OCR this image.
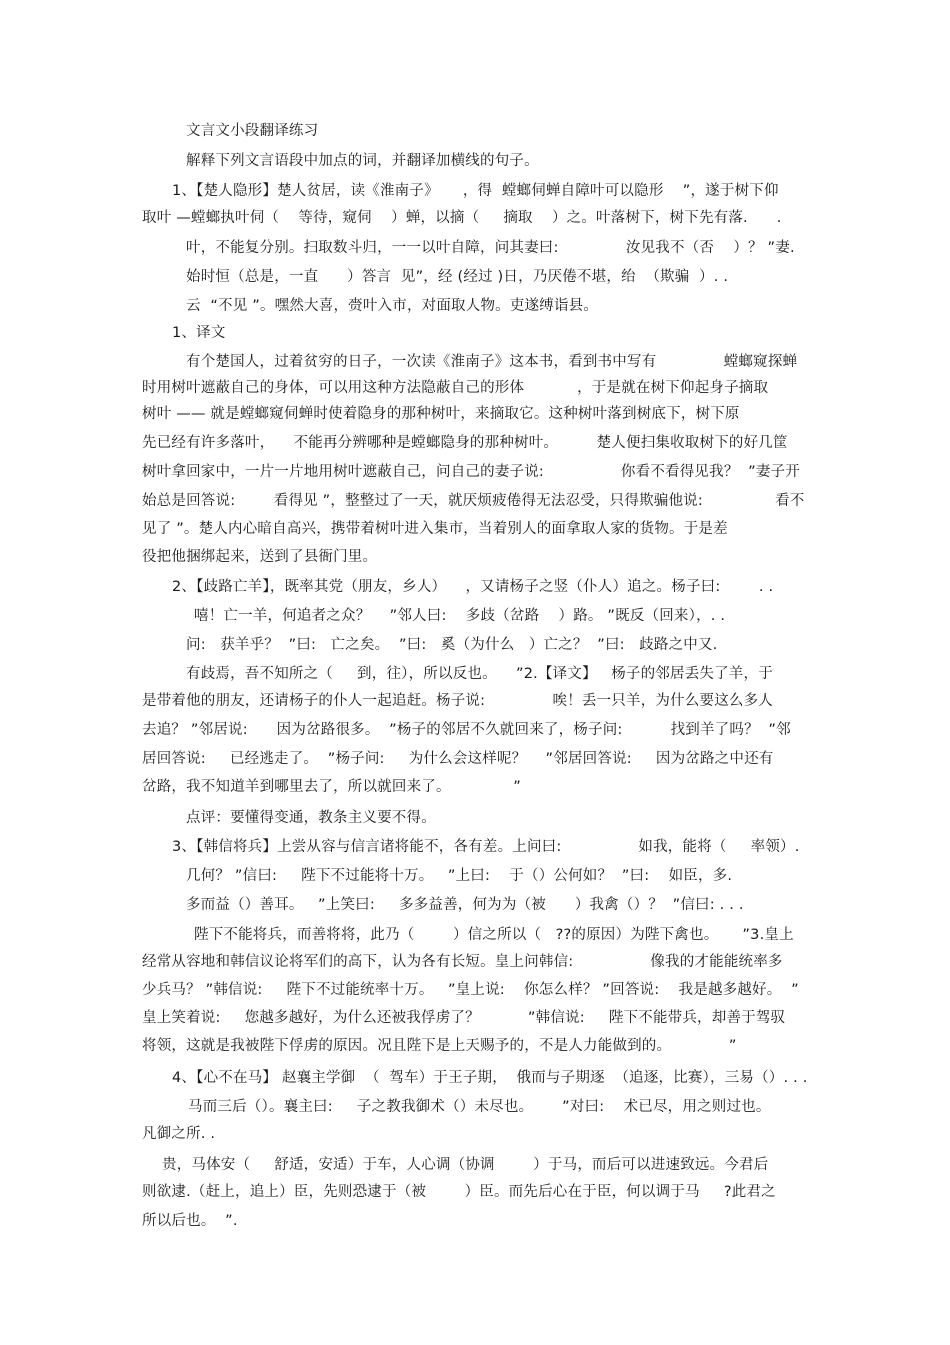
文言文小段翻译练习
解释下列文言语段中加点的词，并翻译加横线的句子。
1、【楚人隐形】楚人贫居，读《淮南子》     ，得  螳螂伺蝉自障叶可以隐形    ”，遂于树下仰
取叶 —螳螂执叶伺（    等待，窥伺    ）蝉，以摘（     摘取    ）之。叶落树下，树下先有落.      .
叶，不能复分别。扫取数斗归，一一以叶自障，问其妻曰:              汝见我不（否    ）？ ”妻.
始时恒（总是，一直      ）答言  见”，经 (经过 )日，乃厌倦不堪，绐  （欺骗  ）. .
云  “不见 ”。嘿然大喜，赍叶入市，对面取人物。吏遂缚诣县。
1、译文
有个楚国人，过着贫穷的日子，一次读《淮南子》这本书，看到书中写有              螳螂窥探蝉
时用树叶遮蔽自己的身体，可以用这种方法隐蔽自己的形体           ，于是就在树下仰起身子摘取
树叶 —— 就是螳螂窥伺蝉时使着隐身的那种树叶，来摘取它。这种树叶落到树底下，树下原
先已经有许多落叶，    不能再分辨哪种是螳螂隐身的那种树叶。        楚人便扫集收取树下的好几筐
树叶拿回家中，一片一片地用树叶遮蔽自己，问自己的妻子说:                你看不看得见我？  ”妻子开
始总是回答说:        看得见 ”，整整过了一天，就厌烦疲倦得无法忍受，只得欺骗他说:               看不
见了 ”。楚人内心暗自高兴，携带着树叶进入集市，当着别人的面拿取人家的货物。于是差
役把他捆绑起来，送到了县衙门里。
2、【歧路亡羊】，既率其党（朋友，乡人）    ，又请杨子之竖（仆人）追之。杨子曰:        . .
嘻！亡一羊，何追者之众？    ”邻人曰:    多歧（岔路    ）路。 ”既反（回来），. .
问:   获羊乎？  ”曰:   亡之矣。  ”曰:   奚（为什么   ）亡之？  ”曰:   歧路之中又.
有歧焉，吾不知所之（     到，往），所以反也。    ”2.【译文】   杨子的邻居丢失了羊，于
是带着他的朋友，还请杨子的仆人一起追赶。杨子说:              唉！丢一只羊，为什么要这么多人
去追？ ”邻居说:      因为岔路很多。  ”杨子的邻居不久就回来了，杨子问:          找到羊了吗？  ”邻
居回答说:     已经逃走了。  ”杨子问:     为什么会这样呢？    ”邻居回答说:     因为岔路之中还有
岔路，我不知道羊到哪里去了，所以就回来了。             ”
点评：要懂得变通，教条主义要不得。
3、【韩信将兵】上尝从容与信言诸将能不，各有差。上问曰:                如我，能将（     率领）.
几何？ ”信曰:     陛下不过能将十万。   ”上曰:    于（）公何如？  ”曰:    如臣，多.
多而益（）善耳。   ”上笑曰:     多多益善，何为为（被      ）我禽（）？  ”信曰: . . .
陛下不能将兵，而善将将，此乃（        ）信之所以（   ??的原因）为陛下禽也。     ”3.皇上
经常从容地和韩信议论将军们的高下，认为各有长短。皇上问韩信:                像我的才能能统率多
少兵马？ ”韩信说:     陛下不过能统率十万。   ”皇上说:    你怎么样？ ”回答说:    我是越多越好。  ”
皇上笑着说:     您越多越好，为什么还被我俘虏了？          ”韩信说:     陛下不能带兵，却善于驾驭
将领，这就是我被陛下俘虏的原因。况且陛下是上天赐予的，不是人力能做到的。            ”
4、【心不在马】 赵襄主学御  （  驾车）于王子期，  俄而与子期逐  （追逐，比赛），三易（）. . .
马而三后（）。襄主曰:     子之教我御术（）未尽也。      ”对曰:    术已尽，用之则过也。
凡御之所. .
贵，马体安（     舒适，安适）于车，人心调（协调        ）于马，而后可以进速致远。今君后
则欲逮.（赶上，追上）臣，先则恐逮于（被        ）臣。而先后心在于臣，何以调于马     ?此君之
所以后也。  ”.
